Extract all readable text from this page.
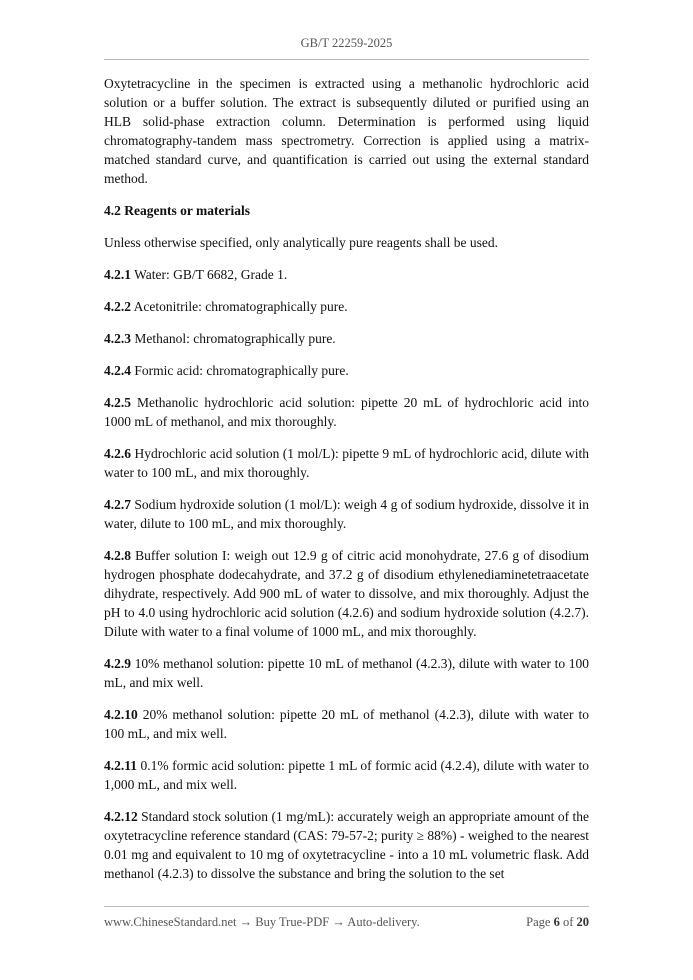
GB/T 22259-2025

Oxytetracycline in the specimen is extracted using a methanolic hydrochloric acid solution or a buffer solution. The extract is subsequently diluted or purified using an HLB solid-phase extraction column. Determination is performed using liquid chromatography-tandem mass spectrometry. Correction is applied using a matrix-matched standard curve, and quantification is carried out using the external standard method.

4.2 Reagents or materials

Unless otherwise specified, only analytically pure reagents shall be used.

4.2.1 Water: GB/T 6682, Grade 1.

4.2.2 Acetonitrile: chromatographically pure.

4.2.3 Methanol: chromatographically pure.

4.2.4 Formic acid: chromatographically pure.

4.2.5 Methanolic hydrochloric acid solution: pipette 20 mL of hydrochloric acid into 1000 mL of methanol, and mix thoroughly.

4.2.6 Hydrochloric acid solution (1 mol/L): pipette 9 mL of hydrochloric acid, dilute with water to 100 mL, and mix thoroughly.

4.2.7 Sodium hydroxide solution (1 mol/L): weigh 4 g of sodium hydroxide, dissolve it in water, dilute to 100 mL, and mix thoroughly.

4.2.8 Buffer solution I: weigh out 12.9 g of citric acid monohydrate, 27.6 g of disodium hydrogen phosphate dodecahydrate, and 37.2 g of disodium ethylenediaminetetraacetate dihydrate, respectively. Add 900 mL of water to dissolve, and mix thoroughly. Adjust the pH to 4.0 using hydrochloric acid solution (4.2.6) and sodium hydroxide solution (4.2.7). Dilute with water to a final volume of 1000 mL, and mix thoroughly.

4.2.9 10% methanol solution: pipette 10 mL of methanol (4.2.3), dilute with water to 100 mL, and mix well.

4.2.10 20% methanol solution: pipette 20 mL of methanol (4.2.3), dilute with water to 100 mL, and mix well.

4.2.11 0.1% formic acid solution: pipette 1 mL of formic acid (4.2.4), dilute with water to 1,000 mL, and mix well.

4.2.12 Standard stock solution (1 mg/mL): accurately weigh an appropriate amount of the oxytetracycline reference standard (CAS: 79-57-2; purity ≥ 88%) - weighed to the nearest 0.01 mg and equivalent to 10 mg of oxytetracycline - into a 10 mL volumetric flask. Add methanol (4.2.3) to dissolve the substance and bring the solution to the set

www.ChineseStandard.net → Buy True-PDF → Auto-delivery.	Page 6 of 20
